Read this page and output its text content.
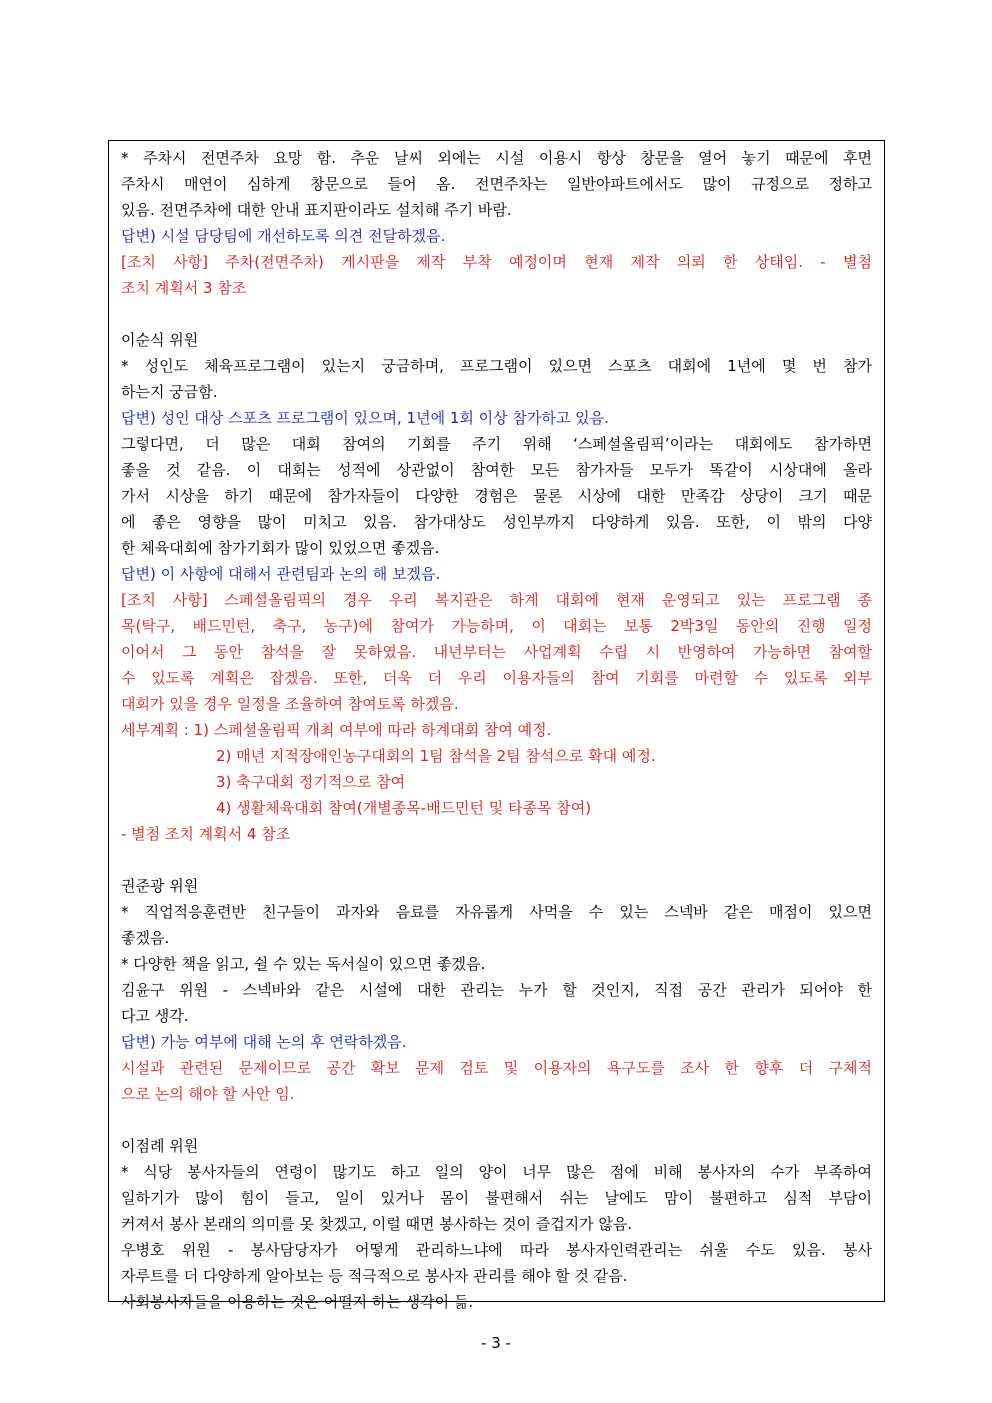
* 주차시 전면주차 요망 함. 추운 날씨 외에는 시설 이용시 항상 창문을 열어 놓기 때문에 후면
주차시 매연이 심하게 창문으로 들어 옴. 전면주차는 일반아파트에서도 많이 규정으로 정하고
있음. 전면주차에 대한 안내 표지판이라도 설치해 주기 바람.
답변) 시설 담당팀에 개선하도록 의견 전달하겠음.
[조치 사항] 주차(전면주차) 게시판을 제작 부착 예정이며 현재 제작 의뢰 한 상태임. - 별첨
조치 계획서 3 참조
이순식 위원
* 성인도 체육프로그램이 있는지 궁금하며, 프로그램이 있으면 스포츠 대회에 1년에 몇 번 참가
하는지 궁금함.
답변) 성인 대상 스포츠 프로그램이 있으며, 1년에 1회 이상 참가하고 있음.
그렇다면, 더 많은 대회 참여의 기회를 주기 위해 ‘스페셜올림픽’이라는 대회에도 참가하면
좋을 것 같음. 이 대회는 성적에 상관없이 참여한 모든 참가자들 모두가 똑같이 시상대에 올라
가서 시상을 하기 때문에 참가자들이 다양한 경험은 물론 시상에 대한 만족감 상당이 크기 때문
에 좋은 영향을 많이 미치고 있음. 참가대상도 성인부까지 다양하게 있음. 또한, 이 밖의 다양
한 체육대회에 참가기회가 많이 있었으면 좋겠음.
답변) 이 사항에 대해서 관련팀과 논의 해 보겠음.
[조치 사항] 스페셜올림픽의 경우 우리 복지관은 하계 대회에 현재 운영되고 있는 프로그램 종
목(탁구, 배드민턴, 축구, 농구)에 참여가 가능하며, 이 대회는 보통 2박3일 동안의 진행 일정
이어서 그 동안 참석을 잘 못하였음. 내년부터는 사업계획 수립 시 반영하여 가능하면 참여할
수 있도록 계획은 잡겠음. 또한, 더욱 더 우리 이용자들의 참여 기회를 마련할 수 있도록 외부
대회가 있을 경우 일정을 조율하여 참여토록 하겠음.
세부계획 : 1) 스페셜올림픽 개최 여부에 따라 하계대회 참여 예정.
2) 매년 지적장애인농구대회의 1팀 참석을 2팀 참석으로 확대 예정.
3) 축구대회 정기적으로 참여
4) 생활체육대회 참여(개별종목-배드민턴 및 타종목 참여)
- 별첨 조치 계획서 4 참조
권준광 위원
* 직업적응훈련반 친구들이 과자와 음료를 자유롭게 사먹을 수 있는 스넥바 같은 매점이 있으면
좋겠음.
* 다양한 책을 읽고, 쉴 수 있는 독서실이 있으면 좋겠음.
김윤구 위원 - 스넥바와 같은 시설에 대한 관리는 누가 할 것인지, 직접 공간 관리가 되어야 한
다고 생각.
답변) 가능 여부에 대해 논의 후 연락하겠음.
시설과 관련된 문제이므로 공간 확보 문제 검토 및 이용자의 욕구도를 조사 한 향후 더 구체적
으로 논의 해야 할 사안 임.
이점례 위원
* 식당 봉사자들의 연령이 많기도 하고 일의 양이 너무 많은 점에 비해 봉사자의 수가 부족하여
일하기가 많이 힘이 들고, 일이 있거나 몸이 불편해서 쉬는 날에도 맘이 불편하고 심적 부담이
커져서 봉사 본래의 의미를 못 찾겠고, 이럴 때면 봉사하는 것이 즐겁지가 않음.
우병호 위원 - 봉사담당자가 어떻게 관리하느냐에 따라 봉사자인력관리는 쉬울 수도 있음. 봉사
자루트를 더 다양하게 알아보는 등 적극적으로 봉사자 관리를 해야 할 것 같음.
사회봉사자들을 이용하는 것은 어떨지 하는 생각이 듦.
- 3 -
